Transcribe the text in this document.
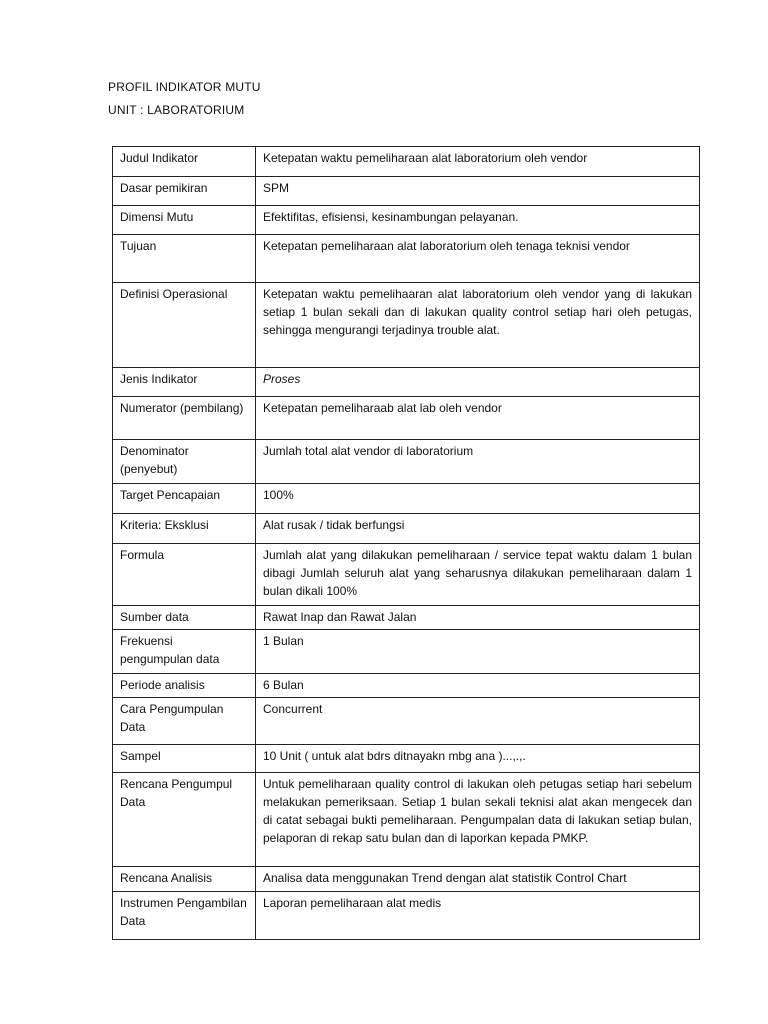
PROFIL INDIKATOR MUTU
UNIT : LABORATORIUM
Judul Indikator	Ketepatan waktu pemeliharaan alat laboratorium oleh vendor
Dasar pemikiran	SPM
Dimensi Mutu	Efektifitas, efisiensi, kesinambungan pelayanan.
Tujuan	Ketepatan pemeliharaan alat laboratorium oleh tenaga teknisi vendor
Definisi Operasional	Ketepatan waktu pemelihaaran alat laboratorium oleh vendor yang di lakukan setiap 1 bulan sekali dan di lakukan quality control setiap hari oleh petugas, sehingga mengurangi terjadinya trouble alat.
Jenis Indikator	Proses
Numerator (pembilang)	Ketepatan pemeliharaab alat lab oleh vendor
Denominator (penyebut)	Jumlah total alat vendor di laboratorium
Target Pencapaian	100%
Kriteria: Eksklusi	Alat rusak / tidak berfungsi
Formula	Jumlah alat yang dilakukan pemeliharaan / service tepat waktu dalam 1 bulan dibagi Jumlah seluruh alat yang seharusnya dilakukan pemeliharaan dalam 1 bulan dikali 100%
Sumber data	Rawat Inap dan Rawat Jalan
Frekuensi pengumpulan data	1 Bulan
Periode analisis	6 Bulan
Cara Pengumpulan Data	Concurrent
Sampel	10 Unit ( untuk alat bdrs ditnayakn mbg ana )...,.,.
Rencana Pengumpul Data	Untuk pemeliharaan quality control di lakukan oleh petugas setiap hari sebelum melakukan pemeriksaan. Setiap 1 bulan sekali teknisi alat akan mengecek dan di catat sebagai bukti pemeliharaan. Pengumpalan data di lakukan setiap bulan, pelaporan di rekap satu bulan dan di laporkan kepada PMKP.
Rencana Analisis	Analisa data menggunakan Trend dengan alat statistik Control Chart
Instrumen Pengambilan Data	Laporan pemeliharaan alat medis
